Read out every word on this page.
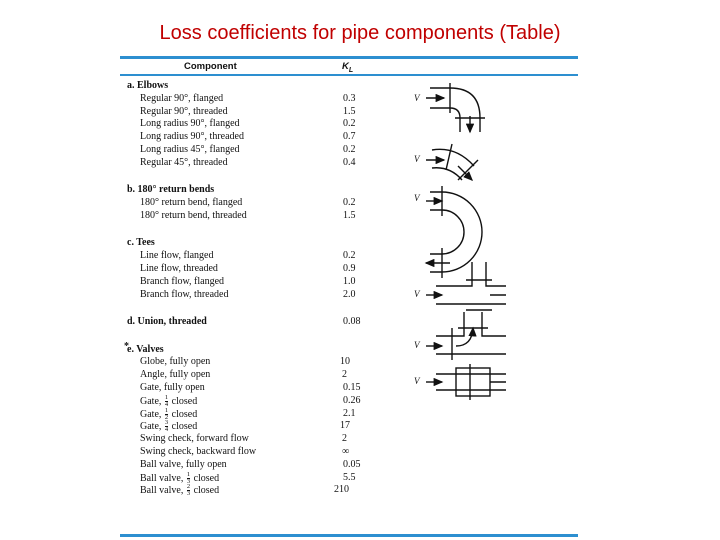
Loss coefficients for pipe components (Table)
Component	$K_L$
a. Elbows
Regular 90°, flanged	0.3
Regular 90°, threaded	1.5
Long radius 90°, flanged	0.2
Long radius 90°, threaded	0.7
Long radius 45°, flanged	0.2
Regular 45°, threaded	0.4
b. 180° return bends
180° return bend, flanged	0.2
180° return bend, threaded	1.5
c. Tees
Line flow, flanged	0.2
Line flow, threaded	0.9
Branch flow, flanged	1.0
Branch flow, threaded	2.0
d. Union, threaded	0.08
*
e. Valves
Globe, fully open	10
Angle, fully open	2
Gate, fully open	0.15
Gate, $\frac{1}{4}$ closed	0.26
Gate, $\frac{1}{2}$ closed	2.1
Gate, $\frac{3}{4}$ closed	17
Swing check, forward flow	2
Swing check, backward flow	∞
Ball valve, fully open	0.05
Ball valve, $\frac{1}{3}$ closed	5.5
Ball valve, $\frac{2}{3}$ closed	210
V
V
V
V
V
V
